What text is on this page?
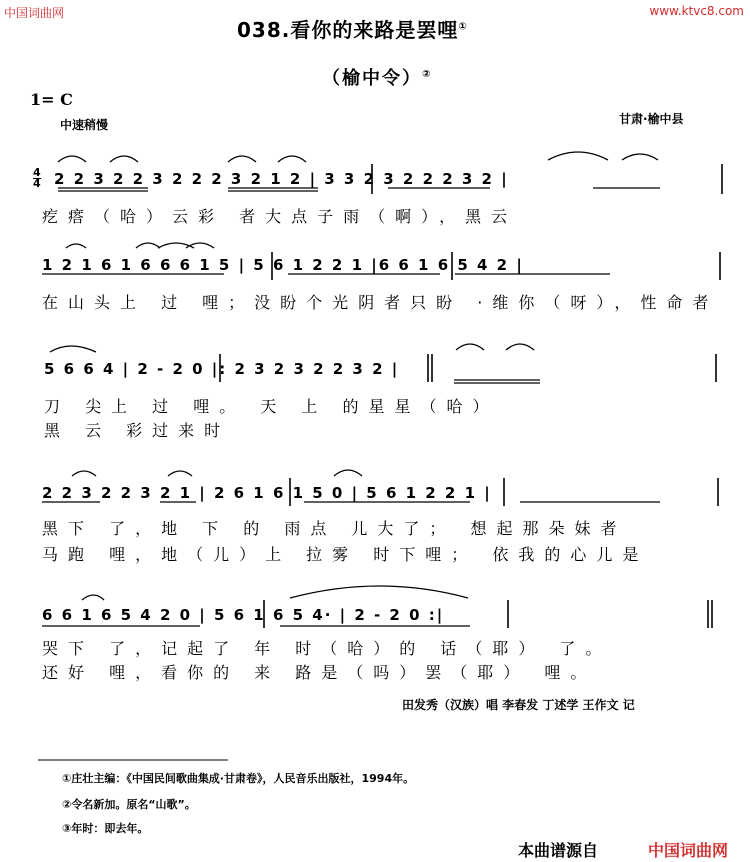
中国词曲网	www.ktvc8.com
038.看你的来路是罢哩①
（榆中令）②
1= C
中速稍慢	甘肃·榆中县
4
4 2 2 3 2 2 3 2 2 2 3 2 1 2 | 3 3 2 3 2 2 2 3 2 |
疙瘩（哈）云彩 者大点子雨（啊），黑云
1 2 1 6 1 6 6 6 1 5 | 5 6 1 2 2 1 |6 6 1 6 5 4 2 |
在山头上 过 哩；没盼个光阴者只盼 ·维你（呀），性命者
5 6 6 4 | 2 - 2 0 |: 2 3 2 3 2 2 3 2 |
刀 尖上 过 哩。 天 上 的星星（哈）
黑 云 彩过来时
2 2 3 2 2 3 2 1 | 2 6 1 6 1 5 0 | 5 6 1 2 2 1 |
黑下 了，地 下 的 雨点 儿大了； 想起那朵妹者
马跑 哩，地（儿）上 拉雾 时下哩； 依我的心儿是
6 6 1 6 5 4 2 0 | 5 6 1 6 5 4· | 2 - 2 0 :|
哭下 了，记起了 年 时（哈）的 话（耶） 了。
还好 哩，看你的 来 路是（吗）罢（耶） 哩。
田发秀（汉族）唱 李春发 丁述学 王作文 记
①庄壮主编：《中国民间歌曲集成·甘肃卷》，人民音乐出版社，1994年。
②令名新加。原名“山歌”。
③年时：即去年。
本曲谱源自	中国词曲网
